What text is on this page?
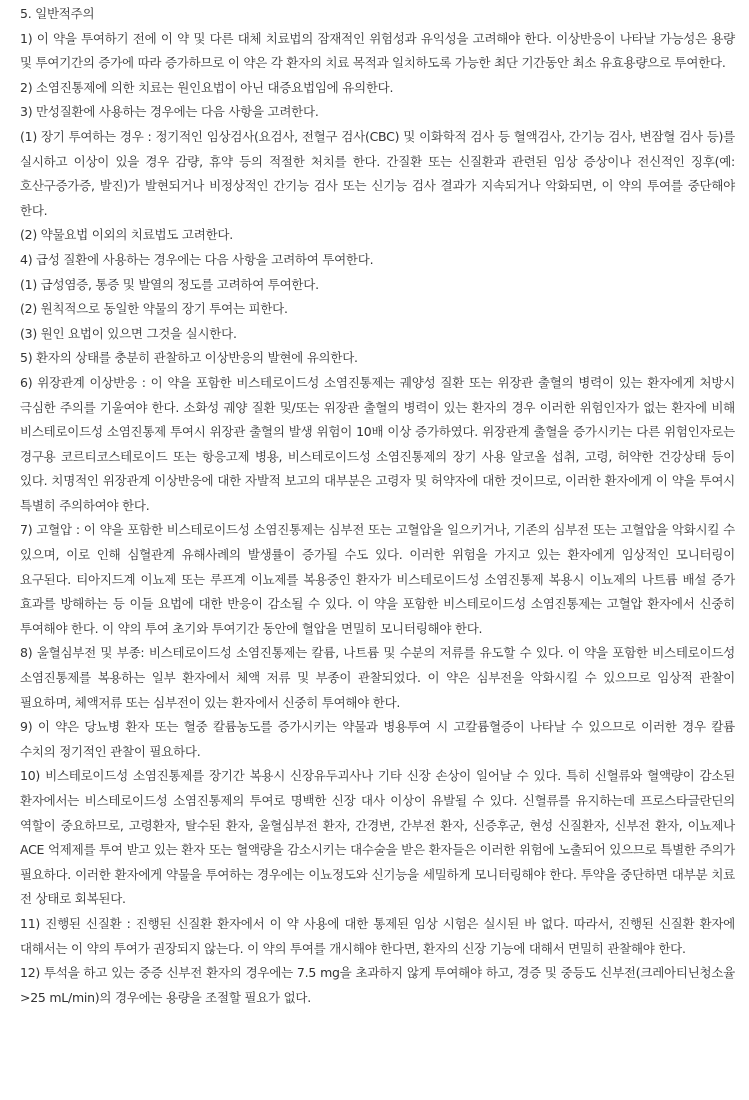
5. 일반적주의

1) 이 약을 투여하기 전에 이 약 및 다른 대체 치료법의 잠재적인 위험성과 유익성을 고려해야 한다. 이상반응이 나타날 가능성은 용량 및 투여기간의 증가에 따라 증가하므로 이 약은 각 환자의 치료 목적과 일치하도록 가능한 최단 기간동안 최소 유효용량으로 투여한다.

2) 소염진통제에 의한 치료는 원인요법이 아닌 대증요법임에 유의한다.

3) 만성질환에 사용하는 경우에는 다음 사항을 고려한다.

(1) 장기 투여하는 경우 : 정기적인 임상검사(요검사, 전혈구 검사(CBC) 및 이화학적 검사 등 혈액검사, 간기능 검사, 변잠혈 검사 등)를 실시하고 이상이 있을 경우 감량, 휴약 등의 적절한 처치를 한다. 간질환 또는 신질환과 관련된 임상 증상이나 전신적인 징후(예: 호산구증가증, 발진)가 발현되거나 비정상적인 간기능 검사 또는 신기능 검사 결과가 지속되거나 악화되면, 이 약의 투여를 중단해야 한다.

(2) 약물요법 이외의 치료법도 고려한다.

4) 급성 질환에 사용하는 경우에는 다음 사항을 고려하여 투여한다.

(1) 급성염증, 통증 및 발열의 정도를 고려하여 투여한다.

(2) 원칙적으로 동일한 약물의 장기 투여는 피한다.

(3) 원인 요법이 있으면 그것을 실시한다.

5) 환자의 상태를 충분히 관찰하고 이상반응의 발현에 유의한다.

6) 위장관계 이상반응 : 이 약을 포함한 비스테로이드성 소염진통제는 궤양성 질환 또는 위장관 출혈의 병력이 있는 환자에게 처방시 극심한 주의를 기울여야 한다. 소화성 궤양 질환 및/또는 위장관 출혈의 병력이 있는 환자의 경우 이러한 위험인자가 없는 환자에 비해 비스테로이드성 소염진통제 투여시 위장관 출혈의 발생 위험이 10배 이상 증가하였다. 위장관계 출혈을 증가시키는 다른 위험인자로는 경구용 코르티코스테로이드 또는 항응고제 병용, 비스테로이드성 소염진통제의 장기 사용 알코올 섭취, 고령, 허약한 건강상태 등이 있다. 치명적인 위장관계 이상반응에 대한 자발적 보고의 대부분은 고령자 및 허약자에 대한 것이므로, 이러한 환자에게 이 약을 투여시 특별히 주의하여야 한다.

7) 고혈압 : 이 약을 포함한 비스테로이드성 소염진통제는 심부전 또는 고혈압을 일으키거나, 기존의 심부전 또는 고혈압을 악화시킬 수 있으며, 이로 인해 심혈관계 유해사례의 발생률이 증가될 수도 있다. 이러한 위험을 가지고 있는 환자에게 임상적인 모니터링이 요구된다. 티아지드계 이뇨제 또는 루프계 이뇨제를 복용중인 환자가 비스테로이드성 소염진통제 복용시 이뇨제의 나트륨 배설 증가 효과를 방해하는 등 이들 요법에 대한 반응이 감소될 수 있다. 이 약을 포함한 비스테로이드성 소염진통제는 고혈압 환자에서 신중히 투여해야 한다. 이 약의 투여 초기와 투여기간 동안에 혈압을 면밀히 모니터링해야 한다.

8) 울혈심부전 및 부종: 비스테로이드성 소염진통제는 칼륨, 나트륨 및 수분의 저류를 유도할 수 있다. 이 약을 포함한 비스테로이드성 소염진통제를 복용하는 일부 환자에서 체액 저류 및 부종이 관찰되었다. 이 약은 심부전을 악화시킬 수 있으므로 임상적 관찰이 필요하며, 체액저류 또는 심부전이 있는 환자에서 신중히 투여해야 한다.

9) 이 약은 당뇨병 환자 또는 혈중 칼륨농도를 증가시키는 약물과 병용투여 시 고칼륨혈증이 나타날 수 있으므로 이러한 경우 칼륨 수치의 정기적인 관찰이 필요하다.

10) 비스테로이드성 소염진통제를 장기간 복용시 신장유두괴사나 기타 신장 손상이 일어날 수 있다. 특히 신혈류와 혈액량이 감소된 환자에서는 비스테로이드성 소염진통제의 투여로 명백한 신장 대사 이상이 유발될 수 있다. 신혈류를 유지하는데 프로스타글란딘의 역할이 중요하므로, 고령환자, 탈수된 환자, 울혈심부전 환자, 간경변, 간부전 환자, 신증후군, 현성 신질환자, 신부전 환자, 이뇨제나 ACE 억제제를 투여 받고 있는 환자 또는 혈액량을 감소시키는 대수술을 받은 환자들은 이러한 위험에 노출되어 있으므로 특별한 주의가 필요하다. 이러한 환자에게 약물을 투여하는 경우에는 이뇨정도와 신기능을 세밀하게 모니터링해야 한다. 투약을 중단하면 대부분 치료 전 상태로 회복된다.

11) 진행된 신질환 : 진행된 신질환 환자에서 이 약 사용에 대한 통제된 임상 시험은 실시된 바 없다. 따라서, 진행된 신질환 환자에 대해서는 이 약의 투여가 권장되지 않는다. 이 약의 투여를 개시해야 한다면, 환자의 신장 기능에 대해서 면밀히 관찰해야 한다.

12) 투석을 하고 있는 중증 신부전 환자의 경우에는 7.5 mg을 초과하지 않게 투여해야 하고, 경증 및 중등도 신부전(크레아티닌청소율>25 mL/min)의 경우에는 용량을 조절할 필요가 없다.
